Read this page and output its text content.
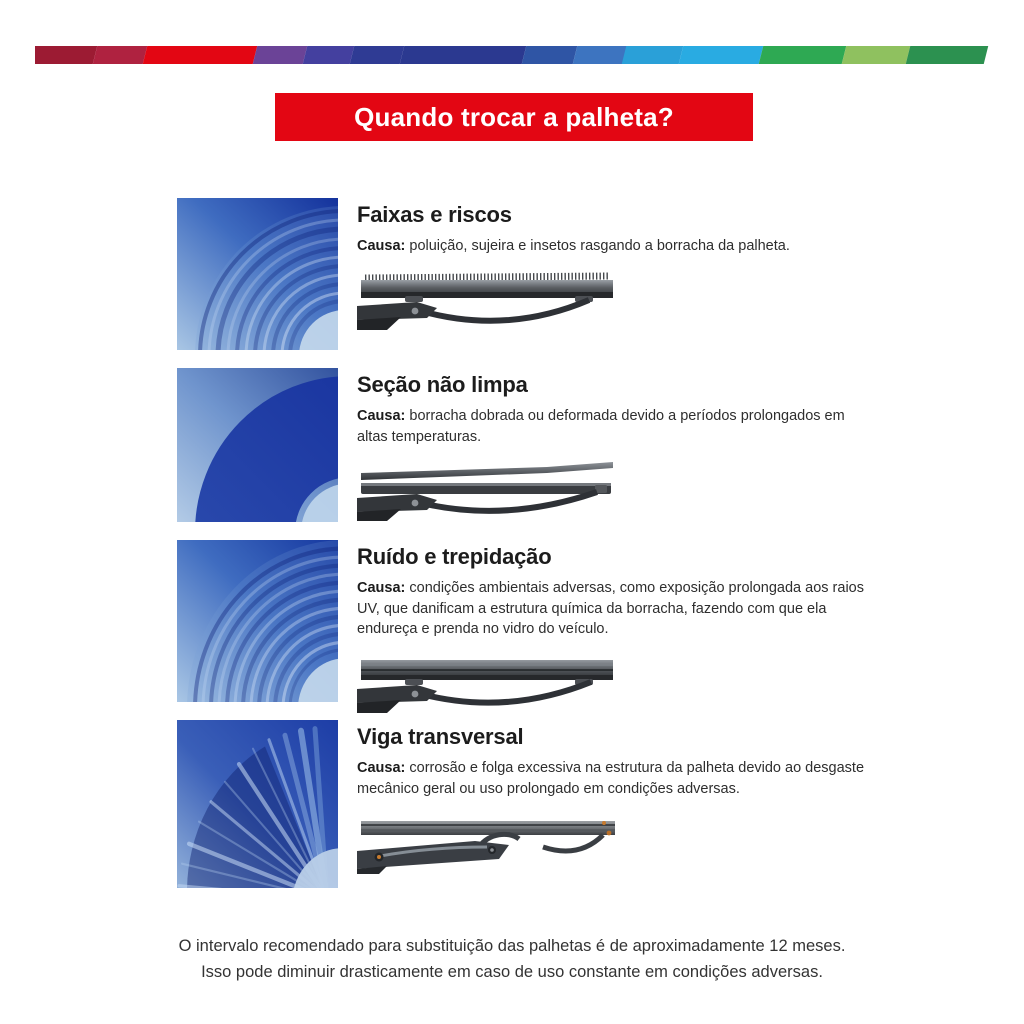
Quando trocar a palheta?
Faixas e riscos
Causa: poluição, sujeira e insetos rasgando a borracha da palheta.
Seção não limpa
Causa: borracha dobrada ou deformada devido a períodos prolongados em altas temperaturas.
Ruído e trepidação
Causa: condições ambientais adversas, como exposição prolongada aos raios UV, que danificam a estrutura química da borracha, fazendo com que ela endureça e prenda no vidro do veículo.
Viga transversal
Causa: corrosão e folga excessiva na estrutura da palheta devido ao desgaste mecânico geral ou uso prolongado em condições adversas.
O intervalo recomendado para substituição das palhetas é de aproximadamente 12 meses.
Isso pode diminuir drasticamente em caso de uso constante em condições adversas.
